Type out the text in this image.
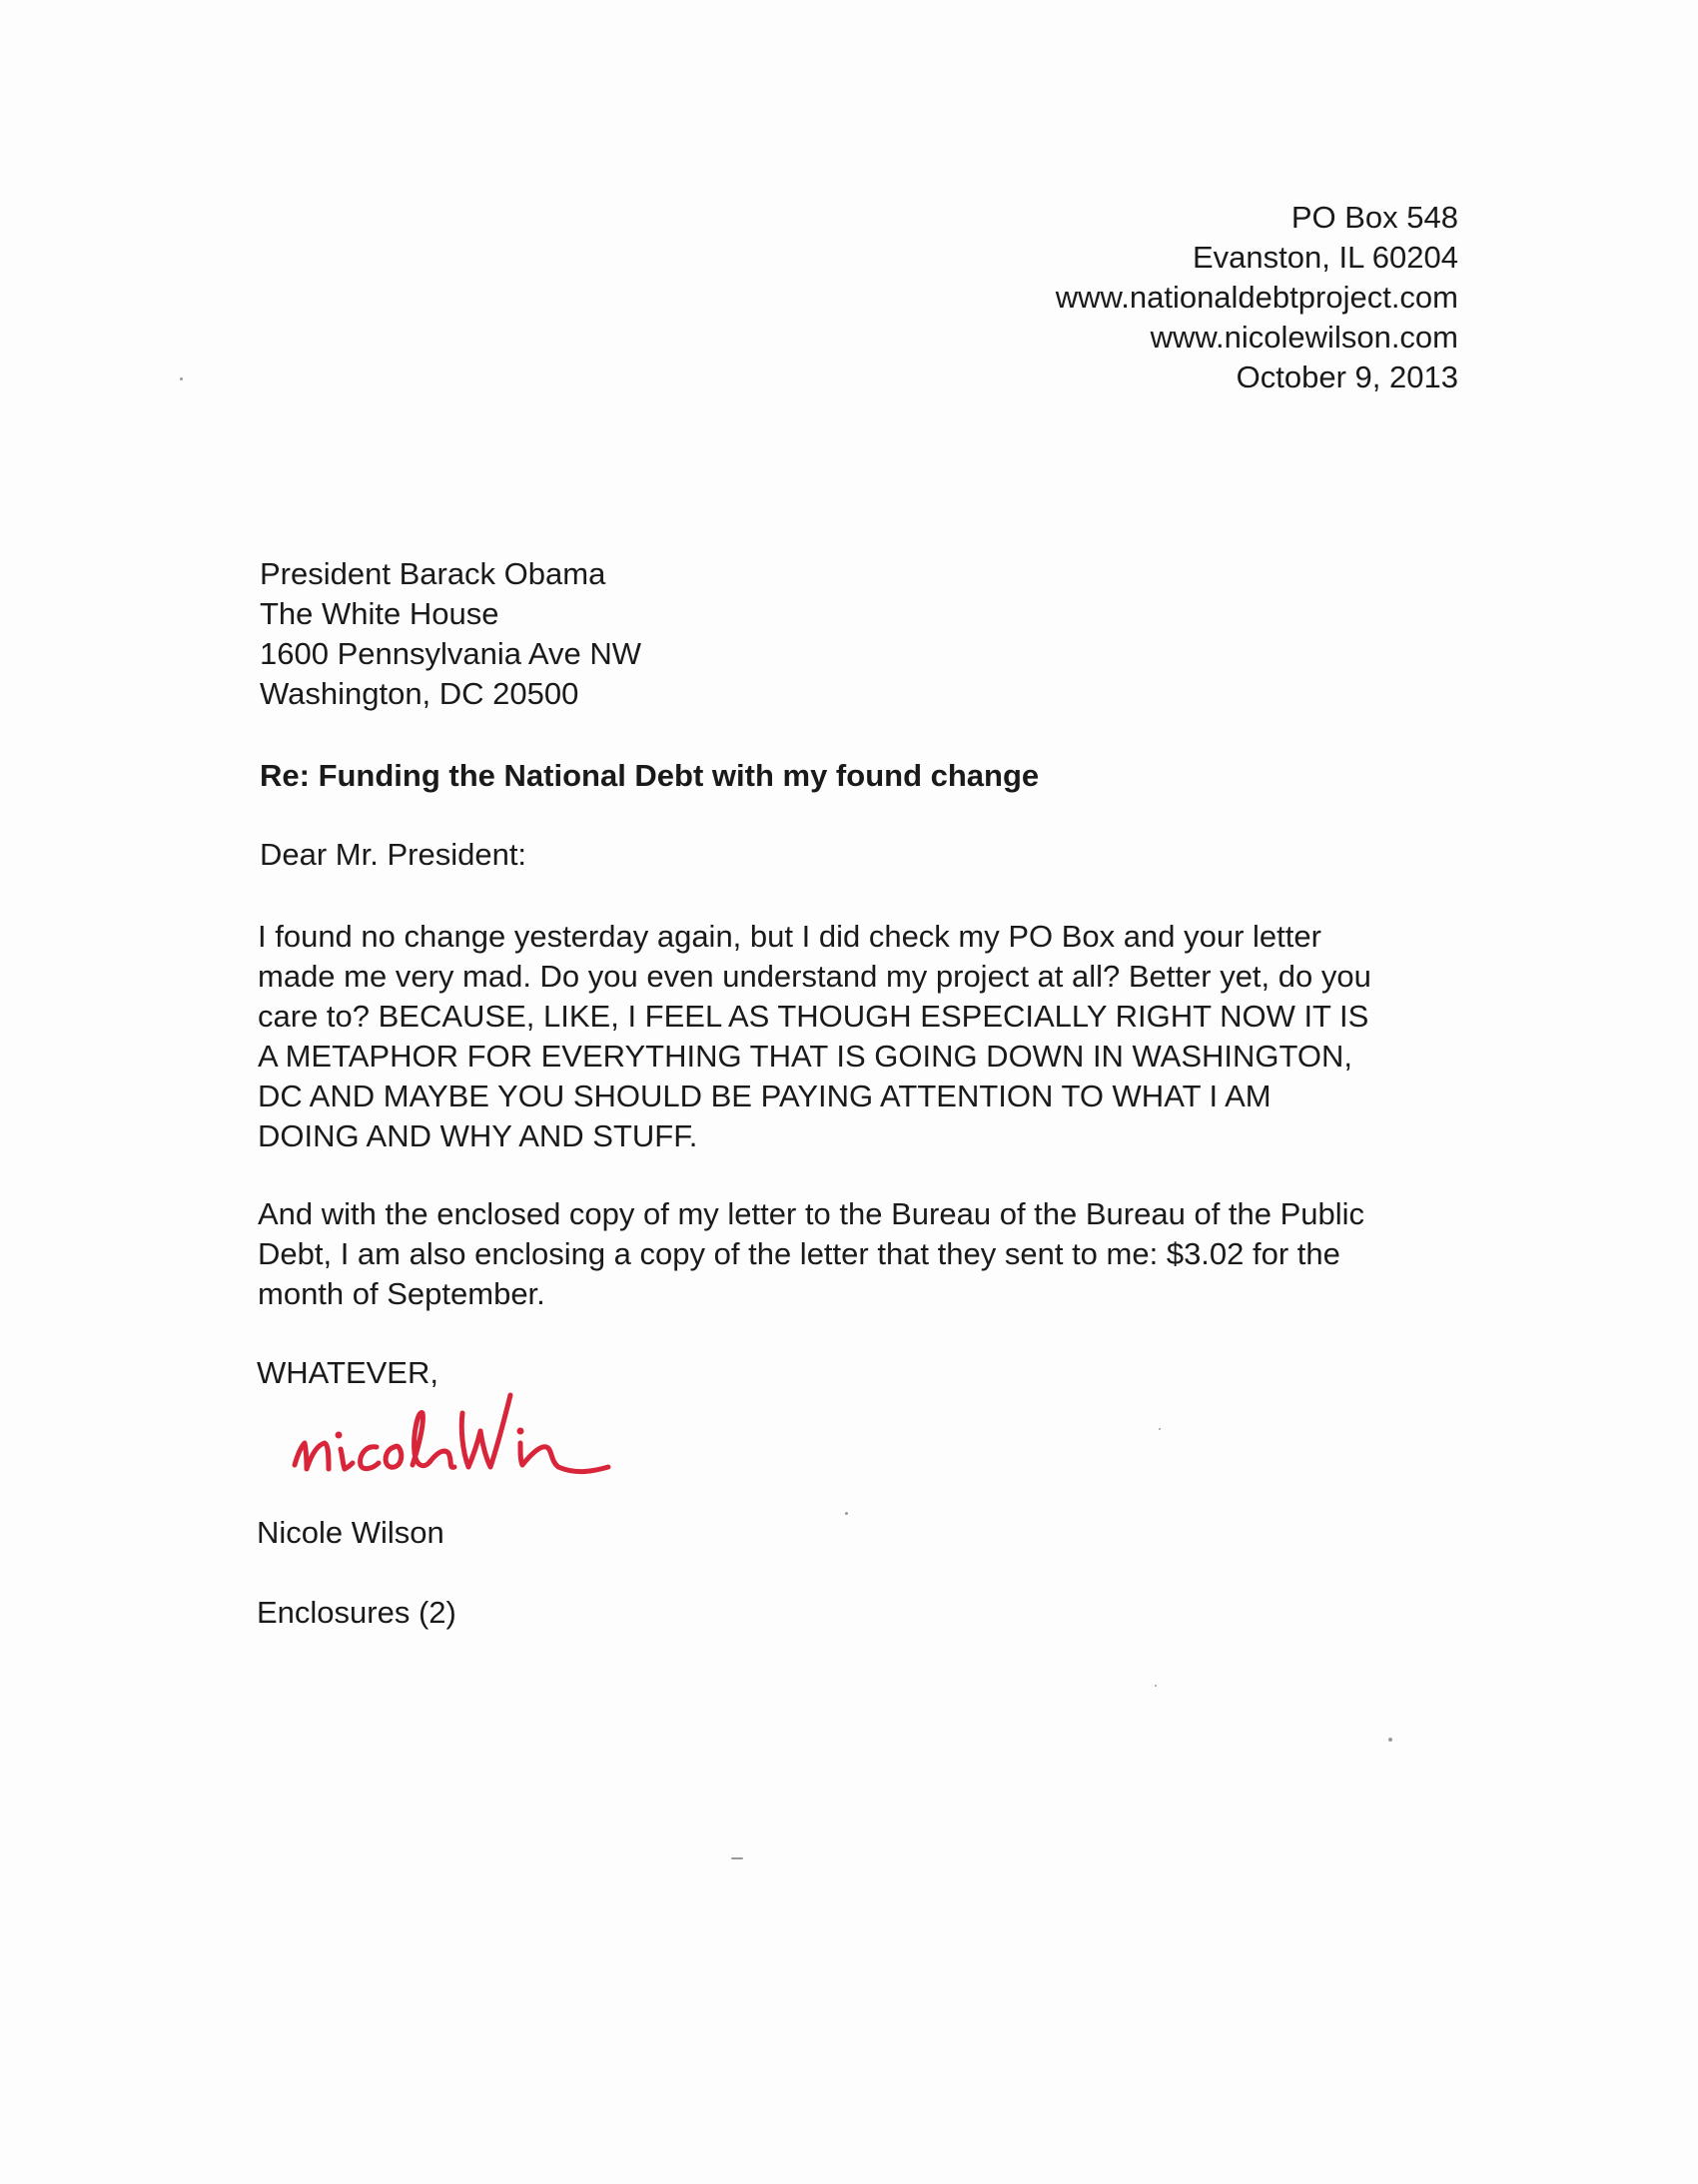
PO Box 548
Evanston, IL 60204
www.nationaldebtproject.com
www.nicolewilson.com
October 9, 2013
President Barack Obama
The White House
1600 Pennsylvania Ave NW
Washington, DC 20500
Re: Funding the National Debt with my found change
Dear Mr. President:
I found no change yesterday again, but I did check my PO Box and your letter
made me very mad. Do you even understand my project at all? Better yet, do you
care to? BECAUSE, LIKE, I FEEL AS THOUGH ESPECIALLY RIGHT NOW IT IS
A METAPHOR FOR EVERYTHING THAT IS GOING DOWN IN WASHINGTON,
DC AND MAYBE YOU SHOULD BE PAYING ATTENTION TO WHAT I AM
DOING AND WHY AND STUFF.
And with the enclosed copy of my letter to the Bureau of the Bureau of the Public
Debt, I am also enclosing a copy of the letter that they sent to me: $3.02 for the
month of September.
WHATEVER,
Nicole Wilson
Enclosures (2)
